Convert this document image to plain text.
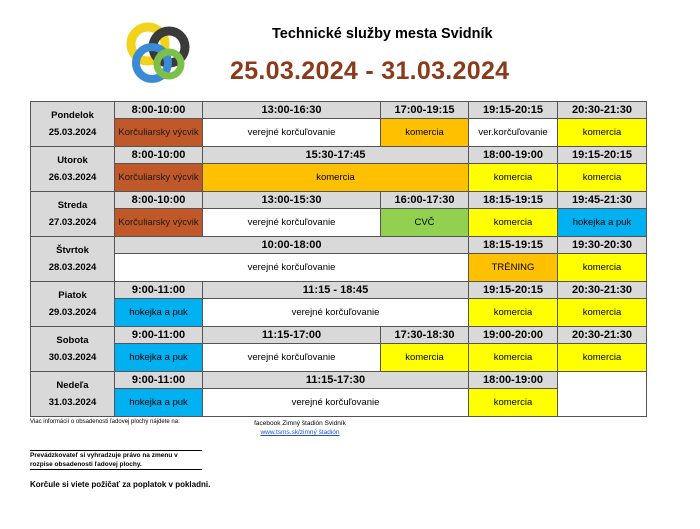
Technické služby mesta Svidník
25.03.2024 - 31.03.2024
Pondelok
25.03.2024	8:00-10:00	13:00-16:30	17:00-19:15	19:15-20:15	20:30-21:30
	Korčuliarsky výcvik	verejné korčuľovanie	komercia	ver.korčuľovanie	komercia
Utorok
26.03.2024	8:00-10:00	15:30-17:45		18:00-19:00	19:15-20:15
	Korčuliarsky výcvik	komercia		komercia	komercia
Streda
27.03.2024	8:00-10:00	13:00-15:30	16:00-17:30	18:15-19:15	19:45-21:30
	Korčuliarsky výcvik	verejné korčuľovanie	CVČ	komercia	hokejka a puk
Štvrtok
28.03.2024	10:00-18:00			18:15-19:15	19:30-20:30
	verejné korčuľovanie			TRÉNING	komercia
Piatok
29.03.2024	9:00-11:00	11:15 - 18:45		19:15-20:15	20:30-21:30
	hokejka a puk	verejné korčuľovanie		komercia	komercia
Sobota
30.03.2024	9:00-11:00	11:15-17:00	17:30-18:30	19:00-20:00	20:30-21:30
	hokejka a puk	verejné korčuľovanie	komercia	komercia	komercia
Nedeľa
31.03.2024	9:00-11:00	11:15-17:30		18:00-19:00	
	hokejka a puk	verejné korčuľovanie		komercia	
Viac informácií o obsadenosti ľadovej plochy nájdete na:	facebook Zimný štadión Svidník
www.tsms.sk/zimný štadión
Prevádzkovateľ si vyhradzuje právo na zmenu v rozpise obsadenosti ľadovej plochy.
Korčule si viete požičať za poplatok v pokladni.
